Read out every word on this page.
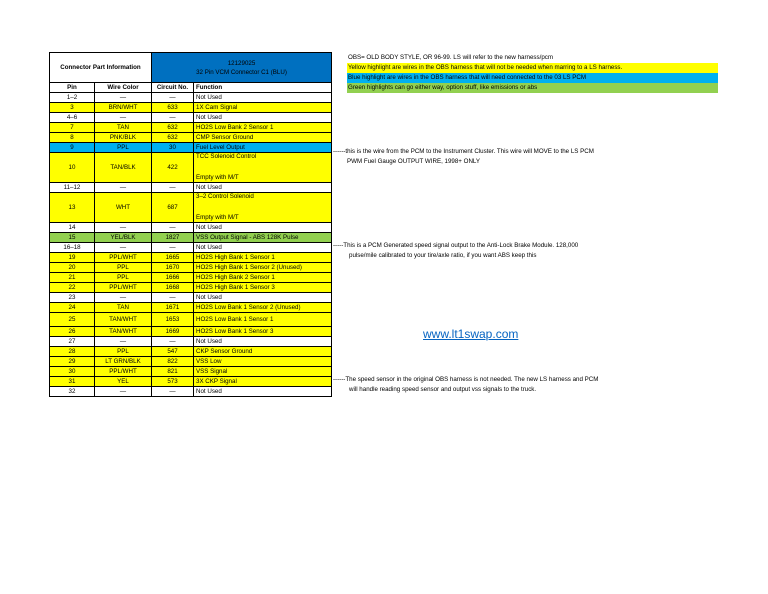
Connector Part Information		12129025
32 Pin VCM Connector C1 (BLU)	

Pin	Wire Color	Circuit No.	Function
1–2	—	—	Not Used
3	BRN/WHT	633	1X Cam Signal
4–6	—	—	Not Used
7	TAN	632	HO2S Low Bank 2 Sensor 1
8	PNK/BLK	632	CMP Sensor Ground
9	PPL	30	Fuel Level Output
10	TAN/BLK	422	TCC Solenoid Control
Empty with M/T

11–12	—	—	Not Used
13	WHT	687	3–2 Control Solenoid
Empty with M/T

14	—	—	Not Used
15	YEL/BLK	1827	VSS Output Signal - ABS 128K Pulse
16–18	—	—	Not Used
19	PPL/WHT	1665	HO2S High Bank 1 Sensor 1
20	PPL	1670	HO2S High Bank 1 Sensor 2 (Unused)
21	PPL	1666	HO2S High Bank 2 Sensor 1
22	PPL/WHT	1668	HO2S High Bank 1 Sensor 3
23	—	—	Not Used
24	TAN	1671	HO2S Low Bank 1 Sensor 2 (Unused)
25	TAN/WHT	1653	HO2S Low Bank 1 Sensor 1
26	TAN/WHT	1669	HO2S Low Bank 1 Sensor 3
27	—	—	Not Used
28	PPL	547	CKP Sensor Ground
29	LT GRN/BLK	822	VSS Low
30	PPL/WHT	821	VSS Signal
31	YEL	573	3X CKP Signal
32	—	—	Not Used
OBS= OLD BODY STYLE, OR 96-99. LS will refer to the new harness/pcm
Yellow highlight are wires in the OBS harness that will not be needed when marring to a LS harness.
Blue highlight are wires in the OBS harness that will need connected to the 03 LS PCM
Green highlights can go either way, option stuff, like emissions or abs
------this is the wire from the PCM to the Instrument Cluster. This wire will MOVE to the LS PCM
PWM Fuel Gauge OUTPUT WIRE, 1998+ ONLY
-----This is a PCM Generated speed signal output to the Anti-Lock Brake Module. 128,000
pulse/mile calibrated to your tire/axle ratio, if you want ABS keep this
www.lt1swap.com
------The speed sensor in the original OBS harness is not needed. The new LS harness and PCM
will handle reading speed sensor and output vss signals to the truck.
